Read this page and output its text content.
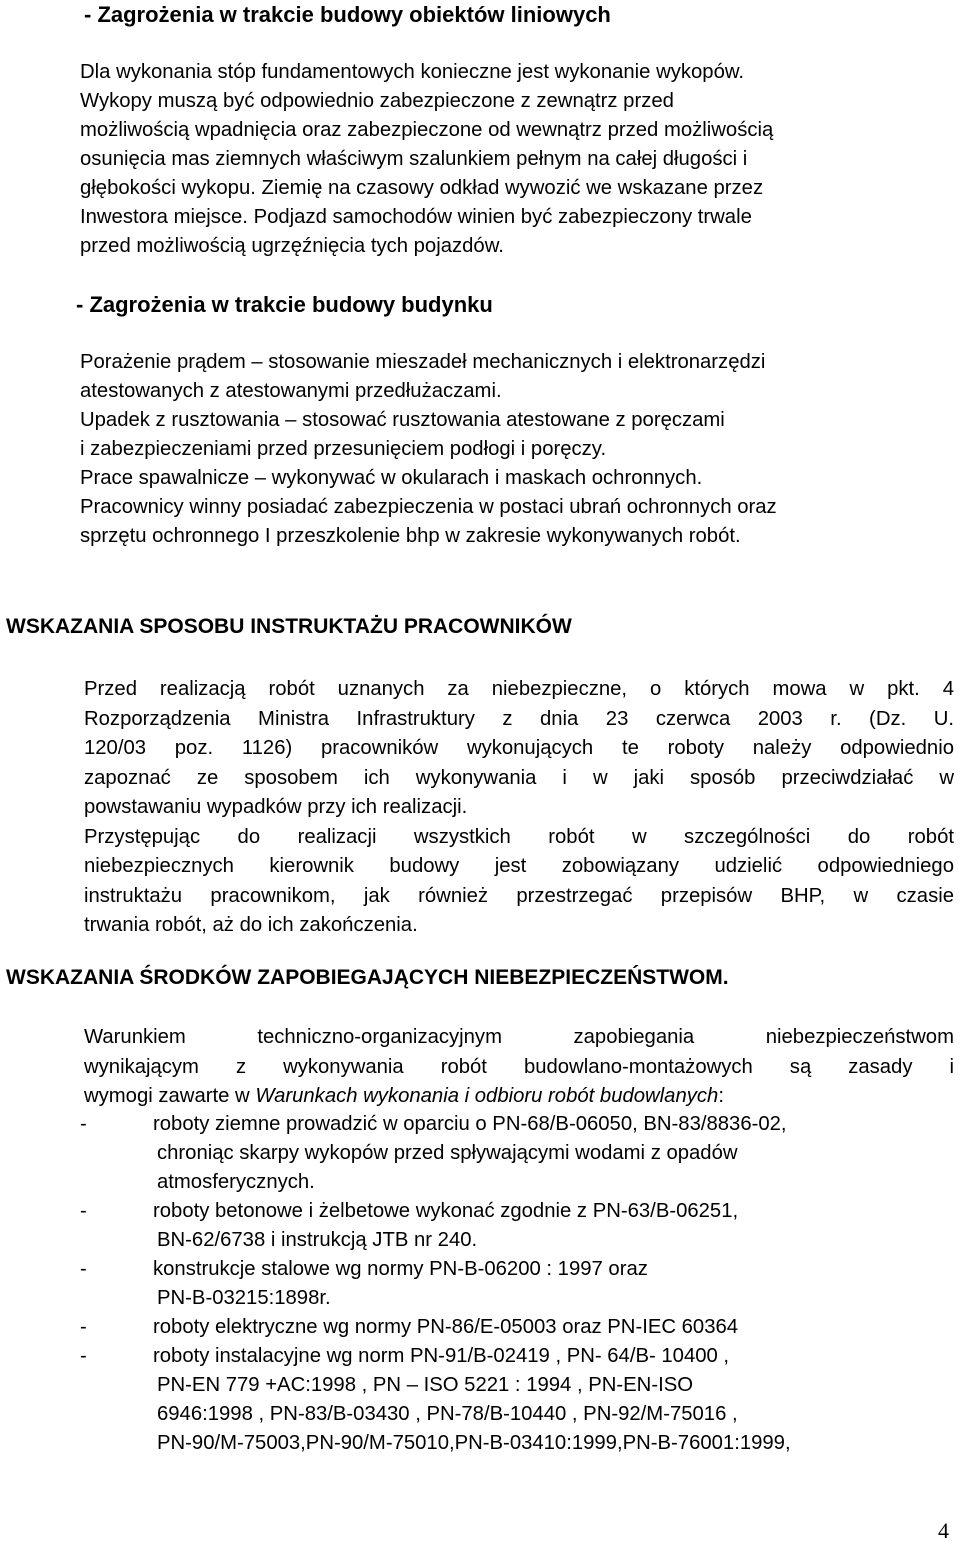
- Zagrożenia w trakcie budowy obiektów liniowych
Dla wykonania stóp fundamentowych konieczne jest wykonanie wykopów.
Wykopy muszą być odpowiednio zabezpieczone z zewnątrz przed
możliwością wpadnięcia oraz zabezpieczone od wewnątrz przed możliwością
osunięcia mas ziemnych właściwym szalunkiem pełnym na całej długości i
głębokości wykopu. Ziemię na czasowy odkład wywozić we wskazane przez
Inwestora miejsce. Podjazd samochodów winien być zabezpieczony trwale
przed możliwością ugrzęźnięcia tych pojazdów.
- Zagrożenia w trakcie budowy budynku
Porażenie prądem – stosowanie mieszadeł mechanicznych i elektronarzędzi
atestowanych z atestowanymi przedłużaczami.
Upadek z rusztowania – stosować rusztowania atestowane z poręczami
i zabezpieczeniami przed przesunięciem podłogi i poręczy.
Prace spawalnicze – wykonywać w okularach i maskach ochronnych.
Pracownicy winny posiadać zabezpieczenia w postaci ubrań ochronnych oraz
sprzętu ochronnego I przeszkolenie bhp w zakresie wykonywanych robót.
WSKAZANIA SPOSOBU INSTRUKTAŻU PRACOWNIKÓW
Przed realizacją robót uznanych za niebezpieczne, o których mowa w pkt. 4
Rozporządzenia Ministra Infrastruktury z dnia 23 czerwca 2003 r. (Dz. U.
120/03 poz. 1126) pracowników wykonujących te roboty należy odpowiednio
zapoznać ze sposobem ich wykonywania i w jaki sposób przeciwdziałać w
powstawaniu wypadków przy ich realizacji.
Przystępując do realizacji wszystkich robót w szczególności do robót
niebezpiecznych kierownik budowy jest zobowiązany udzielić odpowiedniego
instruktażu pracownikom, jak również przestrzegać przepisów BHP, w czasie
trwania robót, aż do ich zakończenia.
WSKAZANIA ŚRODKÓW ZAPOBIEGAJĄCYCH NIEBEZPIECZEŃSTWOM.
Warunkiem techniczno-organizacyjnym zapobiegania niebezpieczeństwom
wynikającym z wykonywania robót budowlano-montażowych są zasady i
wymogi zawarte w Warunkach wykonania i odbioru robót budowlanych:
-	roboty ziemne prowadzić w oparciu o PN-68/B-06050, BN-83/8836-02,
chroniąc skarpy wykopów przed spływającymi wodami z opadów
atmosferycznych.
-	roboty betonowe i żelbetowe wykonać zgodnie z PN-63/B-06251,
BN-62/6738 i instrukcją JTB nr 240.
-	konstrukcje stalowe wg normy PN-B-06200 : 1997 oraz
PN-B-03215:1898r.
-	roboty elektryczne wg normy PN-86/E-05003 oraz PN-IEC 60364
-	roboty instalacyjne wg norm PN-91/B-02419 , PN- 64/B- 10400 ,
PN-EN 779 +AC:1998 , PN – ISO 5221 : 1994 , PN-EN-ISO
6946:1998 , PN-83/B-03430 , PN-78/B-10440 , PN-92/M-75016 ,
PN-90/M-75003,PN-90/M-75010,PN-B-03410:1999,PN-B-76001:1999,
4
